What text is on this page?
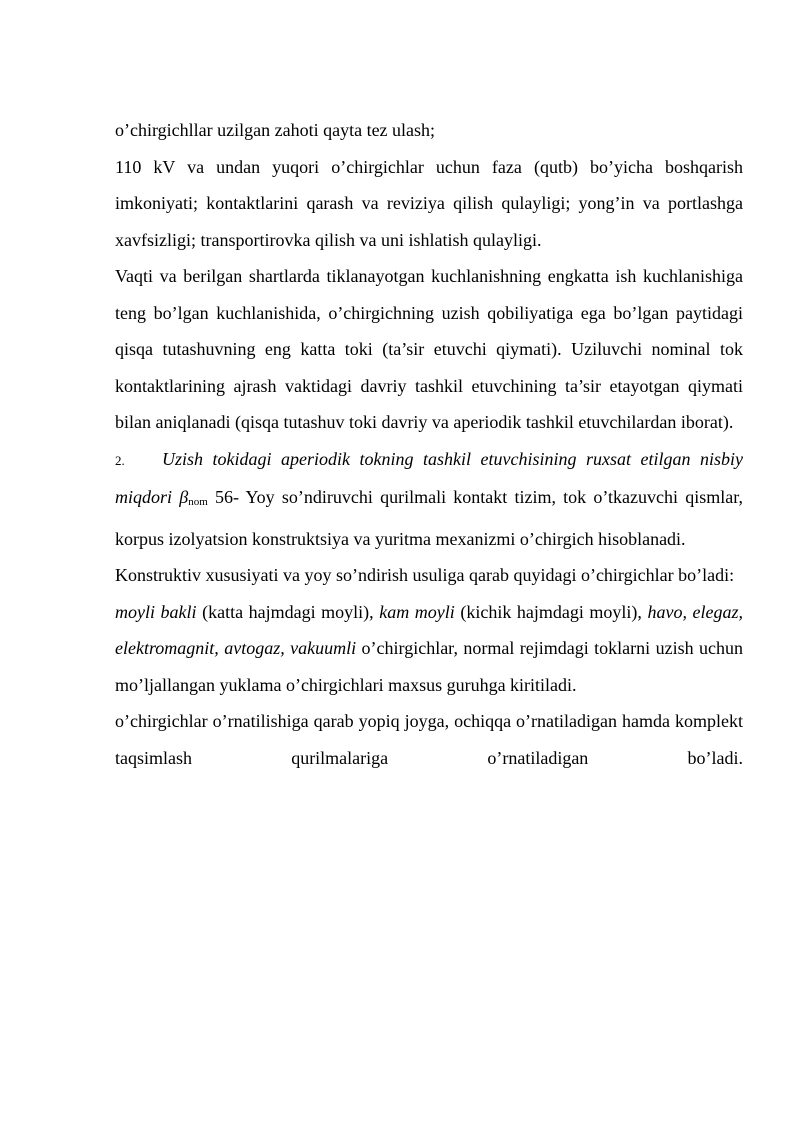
o’chirgichllar uzilgan zahoti qayta tez ulash;

110 kV va undan yuqori o’chirgichlar uchun faza (qutb) bo’yicha boshqarish imkoniyati; kontaktlarini qarash va reviziya qilish qulayligi; yong’in va portlashga xavfsizligi; transportirovka qilish va uni ishlatish qulayligi.

Vaqti va berilgan shartlarda tiklanayotgan kuchlanishning engkatta ish kuchlanishiga teng bo’lgan kuchlanishida, o’chirgichning uzish qobiliyatiga ega bo’lgan paytidagi qisqa tutashuvning eng katta toki (ta’sir etuvchi qiymati). Uziluvchi nominal tok kontaktlarining ajrash vaktidagi davriy tashkil etuvchining ta’sir etayotgan qiymati bilan aniqlanadi (qisqa tutashuv toki davriy va aperiodik tashkil etuvchilardan iborat).

2. Uzish tokidagi aperiodik tokning tashkil etuvchisining ruxsat etilgan nisbiy miqdori βnom 56- Yoy so’ndiruvchi qurilmali kontakt tizim, tok o’tkazuvchi qismlar, korpus izolyatsion konstruktsiya va yuritma mexanizmi o’chirgich hisoblanadi.

Konstruktiv xususiyati va yoy so’ndirish usuliga qarab quyidagi o’chirgichlar bo’ladi:

moyli bakli (katta hajmdagi moyli), kam moyli (kichik hajmdagi moyli), havo, elegaz, elektromagnit, avtogaz, vakuumli o’chirgichlar, normal rejimdagi toklarni uzish uchun mo’ljallangan yuklama o’chirgichlari maxsus guruhga kiritiladi.

o’chirgichlar o’rnatilishiga qarab yopiq joyga, ochiqqa o’rnatiladigan hamda komplekt taqsimlash qurilmalariga o’rnatiladigan bo’ladi.
